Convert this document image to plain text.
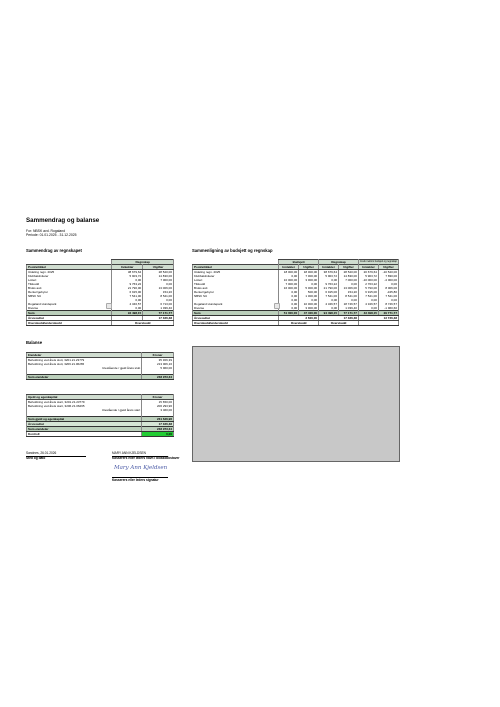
Sammendrag og balanse
For: NBSK avd. Rogaland
Periode: 01.01.2025 - 31.12.2025
Sammendrag av regnskapet
	Regnskap	
Post/artikkel	Inntekter	Utgifter
Utdeling regn. 2025	38 679,64	28 520,00
Klubbaktiviteter	5 903,72	14 830,00
Lotteri	0,00	7 000,00
Tilskudd	9 763,22	0,00
Bruks avd.	21 790,00	13 006,00
Renter/gebyrer	6 915,00	154,20
NBSK SU	7 541,00	8 541,00
	0,00	0,00
Rogaland Hundepark	4 346,57	6 713,00
Diverse	0,00	1 039,40
Sum	94 498,15	77 171,77
Årsresultat		17 326,38
Overskudd/underskudd	Overskudd	
Sammenligning av budsjett og regnskap
	Budsjett		Regnskap		Avvik mellom budsjett og regnskap	
Post/artikkel	Inntekter	Utgifter	Inntekter	Utgifter	Inntekter	Utgifter
Utdeling regn. 2025	18 000,00	18 000,00	38 679,64	28 520,00	20 679,64	-10 520,00
Klubbaktiviteter	0,00	7 000,00	5 903,72	14 830,00	5 903,72	7 830,00
Lotteri	10 000,00	3 000,00	0,00	7 000,00	-10 000,00	-4 000,00
Tilskudd	7 000,00	0,00	9 763,22	0,00	2 763,22	0,00
Bruks avd.	16 000,00	5 000,00	21 790,00	13 006,00	5 790,00	8 006,00
Renter/gebyrer	0,00	500,00	6 915,00	154,20	6 915,00	-345,80
NBSK SU	0,00	1 000,00	7 541,00	8 541,00	7 541,00	7 541,00
	0,00	0,00	0,00	0,00	0,00	0,00
Rogaland Hundepark	0,00	10 000,00	4 346,57	18 746,57	4 346,57	8 746,57
Diverse	0,00	3 000,00	0,00	1 039,40	0,00	-1 960,60
Sum	51 000,00	47 400,00	94 498,15	77 171,77	43 498,15	29 771,77
Årsresultat	3 600,00		17 326,38		13 726,38	
Overskudd/underskudd	Overskudd		Overskudd			
Balanse
Eiendeler	Kroner
Beholdning ved årets slutt, 3201.21.23779	35 306,39
Beholdning ved årets slutt, 3206.21.06265	213 006,16
Utestående / gjeld årets slutt	5 960,00

Sum eiendeler	248 973,34
Gjeld og egenkapital	Kroner
Beholdning ved årets start, 3201.21.23779	15 650,00
Beholdning ved årets start, 3206.21.06265	206 293,96
Utestående / gjeld årets start	3 460,00

Sum gjeld og egenkapital	231 646,96
Årsresultat	17 326,38
Sum eiendeler	248 973,34
Kontroll	0,00
Sandnes, 26.01.2026
Sted og dato
MARY ANN KJELDSEN
Kasserers eller leders navn i blokkbokstaver
Mary Ann Kjeldsen
Kasserers eller leders signatur
